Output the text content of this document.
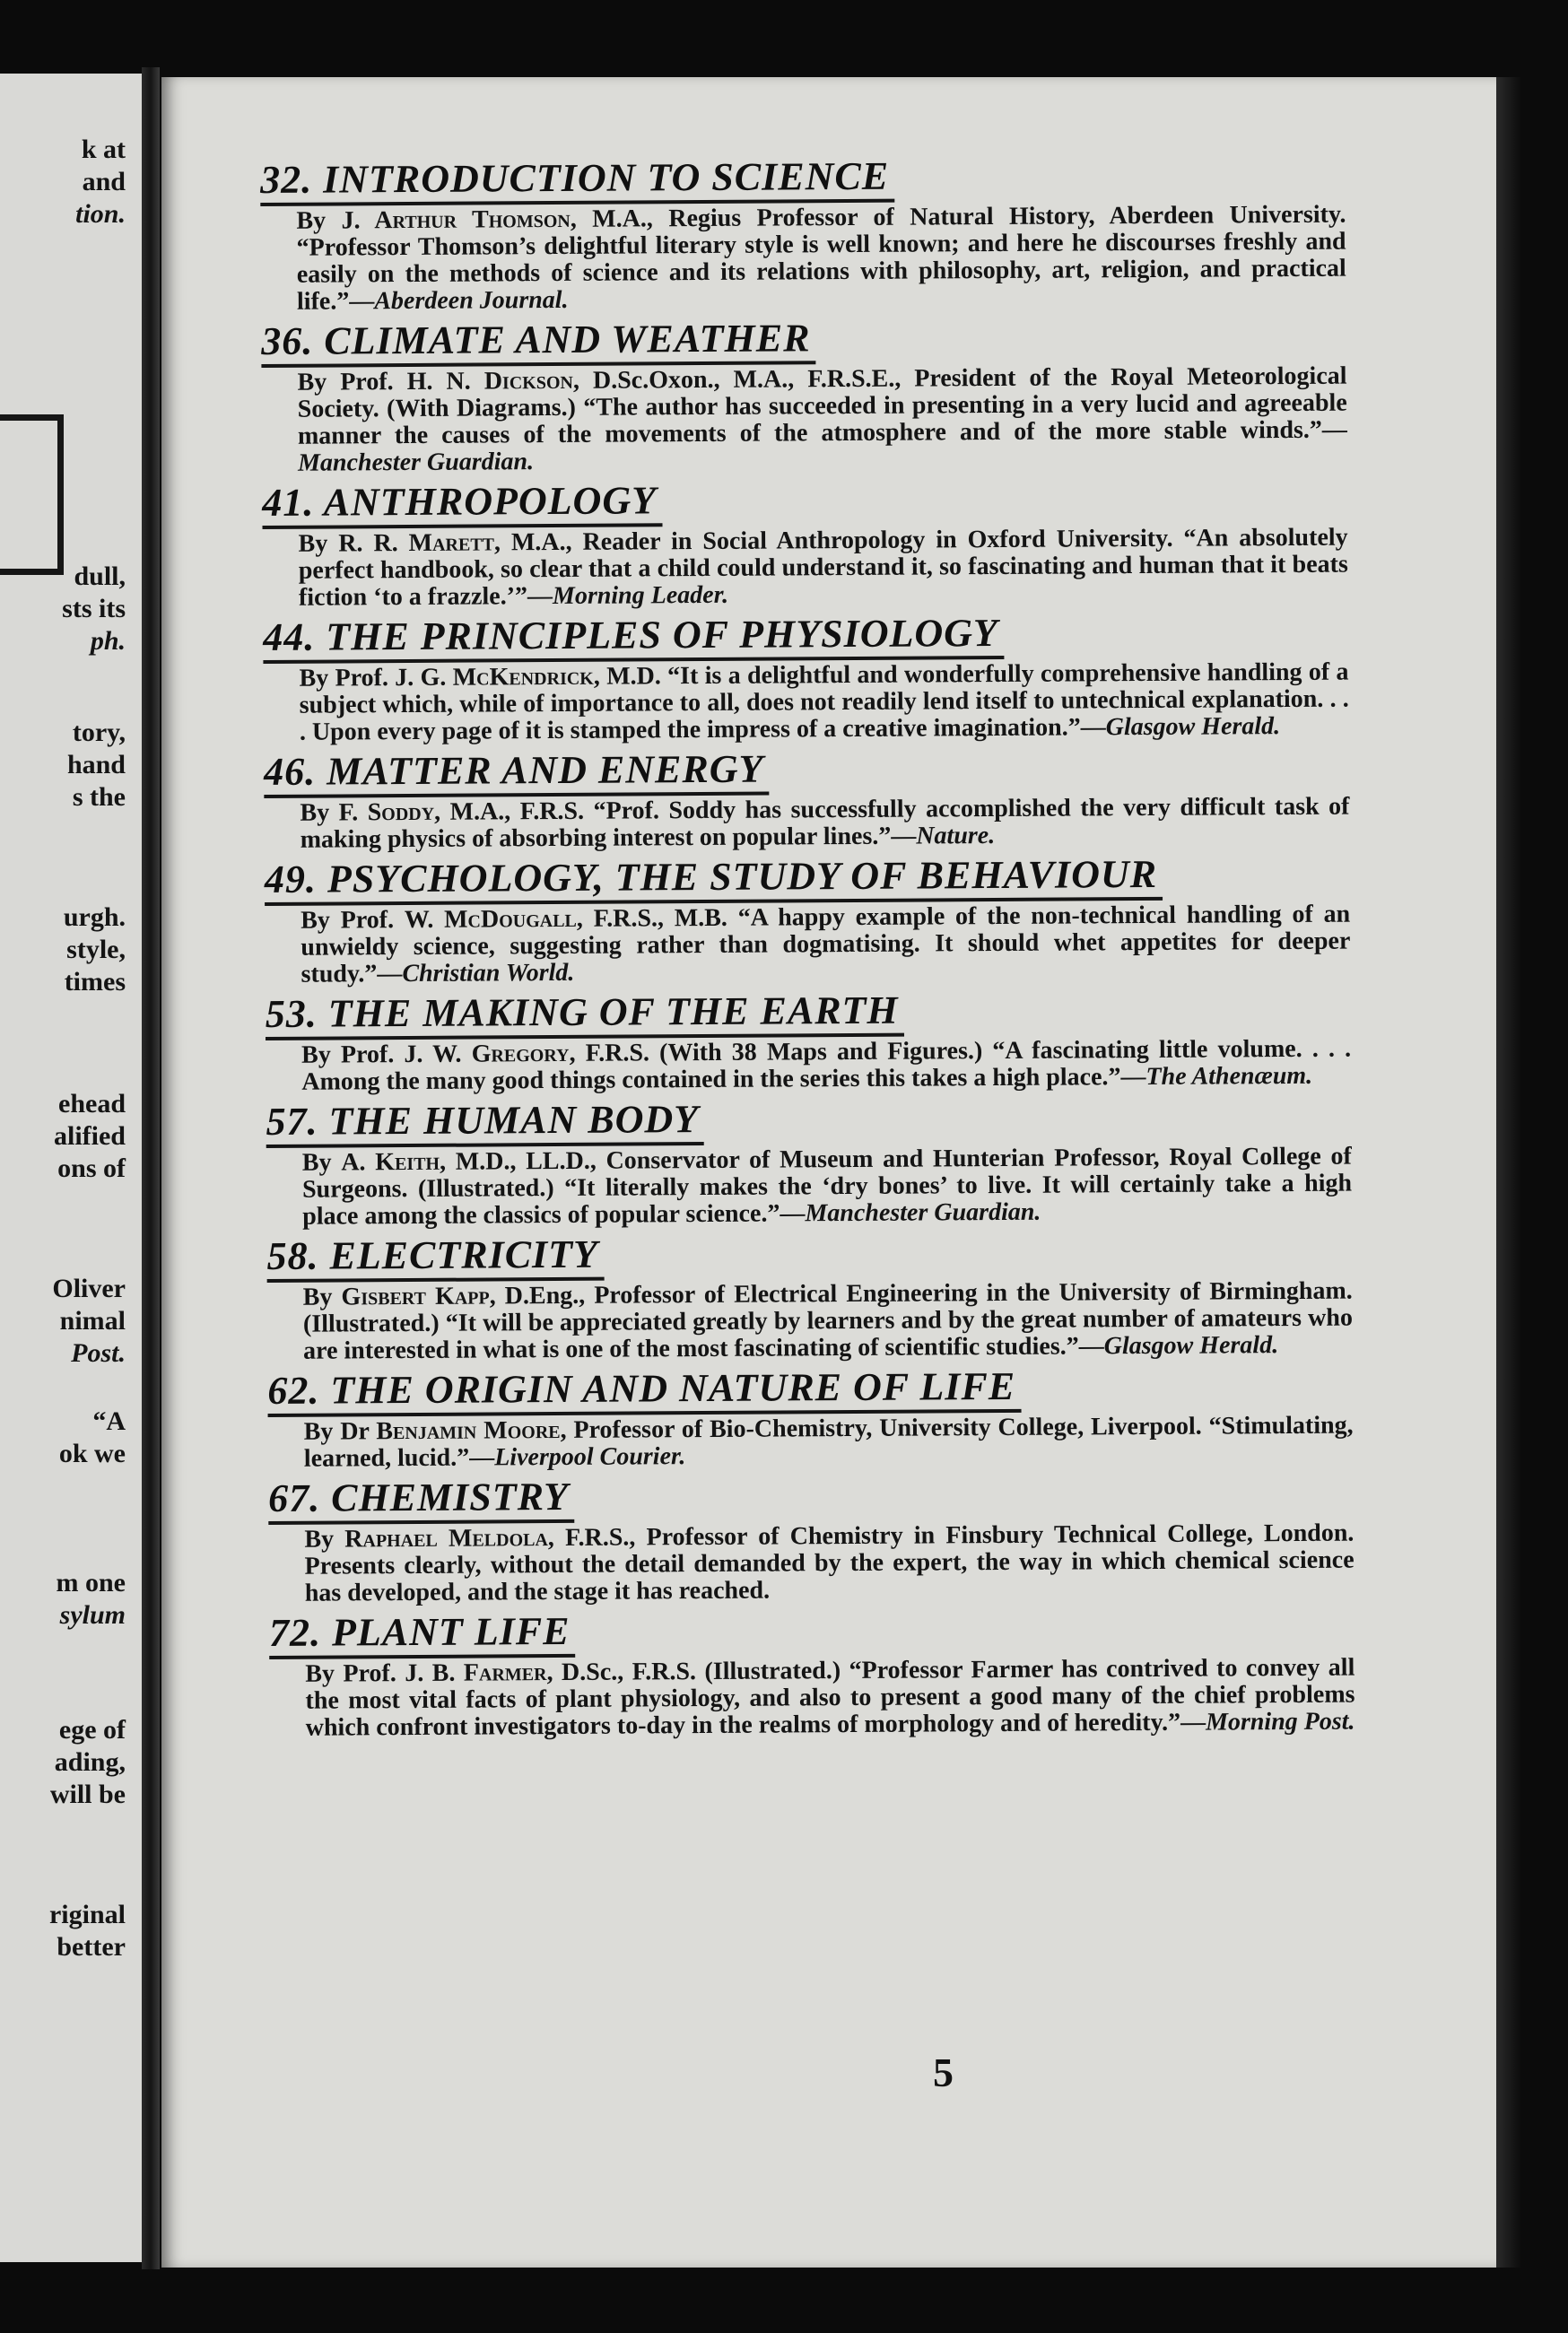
k at
and
tion.
dull,
sts its
ph.
tory,
hand
s the
urgh.
style,
times
ehead
alified
ons of
Oliver
nimal
Post.
“A
ok we
m one
sylum
ege of
ading,
will be
riginal
better
32. INTRODUCTION TO SCIENCE
By J. Arthur Thomson, M.A., Regius Professor of Natural History, Aberdeen University. “Professor Thomson’s delightful literary style is well known; and here he discourses freshly and easily on the methods of science and its relations with philosophy, art, religion, and practical life.”—Aberdeen Journal.
36. CLIMATE AND WEATHER
By Prof. H. N. Dickson, D.Sc.Oxon., M.A., F.R.S.E., President of the Royal Meteorological Society. (With Diagrams.) “The author has succeeded in presenting in a very lucid and agreeable manner the causes of the movements of the atmosphere and of the more stable winds.”—Manchester Guardian.
41. ANTHROPOLOGY
By R. R. Marett, M.A., Reader in Social Anthropology in Oxford University. “An absolutely perfect handbook, so clear that a child could understand it, so fascinating and human that it beats fiction ‘to a frazzle.’”—Morning Leader.
44. THE PRINCIPLES OF PHYSIOLOGY
By Prof. J. G. McKendrick, M.D. “It is a delightful and wonderfully comprehensive handling of a subject which, while of importance to all, does not readily lend itself to untechnical explanation. . . . Upon every page of it is stamped the impress of a creative imagination.”—Glasgow Herald.
46. MATTER AND ENERGY
By F. Soddy, M.A., F.R.S. “Prof. Soddy has successfully accomplished the very difficult task of making physics of absorbing interest on popular lines.”—Nature.
49. PSYCHOLOGY, THE STUDY OF BEHAVIOUR
By Prof. W. McDougall, F.R.S., M.B. “A happy example of the non-technical handling of an unwieldy science, suggesting rather than dogmatising. It should whet appetites for deeper study.”—Christian World.
53. THE MAKING OF THE EARTH
By Prof. J. W. Gregory, F.R.S. (With 38 Maps and Figures.) “A fascinating little volume. . . . Among the many good things contained in the series this takes a high place.”—The Athenæum.
57. THE HUMAN BODY
By A. Keith, M.D., LL.D., Conservator of Museum and Hunterian Professor, Royal College of Surgeons. (Illustrated.) “It literally makes the ‘dry bones’ to live. It will certainly take a high place among the classics of popular science.”—Manchester Guardian.
58. ELECTRICITY
By Gisbert Kapp, D.Eng., Professor of Electrical Engineering in the University of Birmingham. (Illustrated.) “It will be appreciated greatly by learners and by the great number of amateurs who are interested in what is one of the most fascinating of scientific studies.”—Glasgow Herald.
62. THE ORIGIN AND NATURE OF LIFE
By Dr Benjamin Moore, Professor of Bio-Chemistry, University College, Liverpool. “Stimulating, learned, lucid.”—Liverpool Courier.
67. CHEMISTRY
By Raphael Meldola, F.R.S., Professor of Chemistry in Finsbury Technical College, London. Presents clearly, without the detail demanded by the expert, the way in which chemical science has developed, and the stage it has reached.
72. PLANT LIFE
By Prof. J. B. Farmer, D.Sc., F.R.S. (Illustrated.) “Professor Farmer has contrived to convey all the most vital facts of plant physiology, and also to present a good many of the chief problems which confront investigators to-day in the realms of morphology and of heredity.”—Morning Post.
5
